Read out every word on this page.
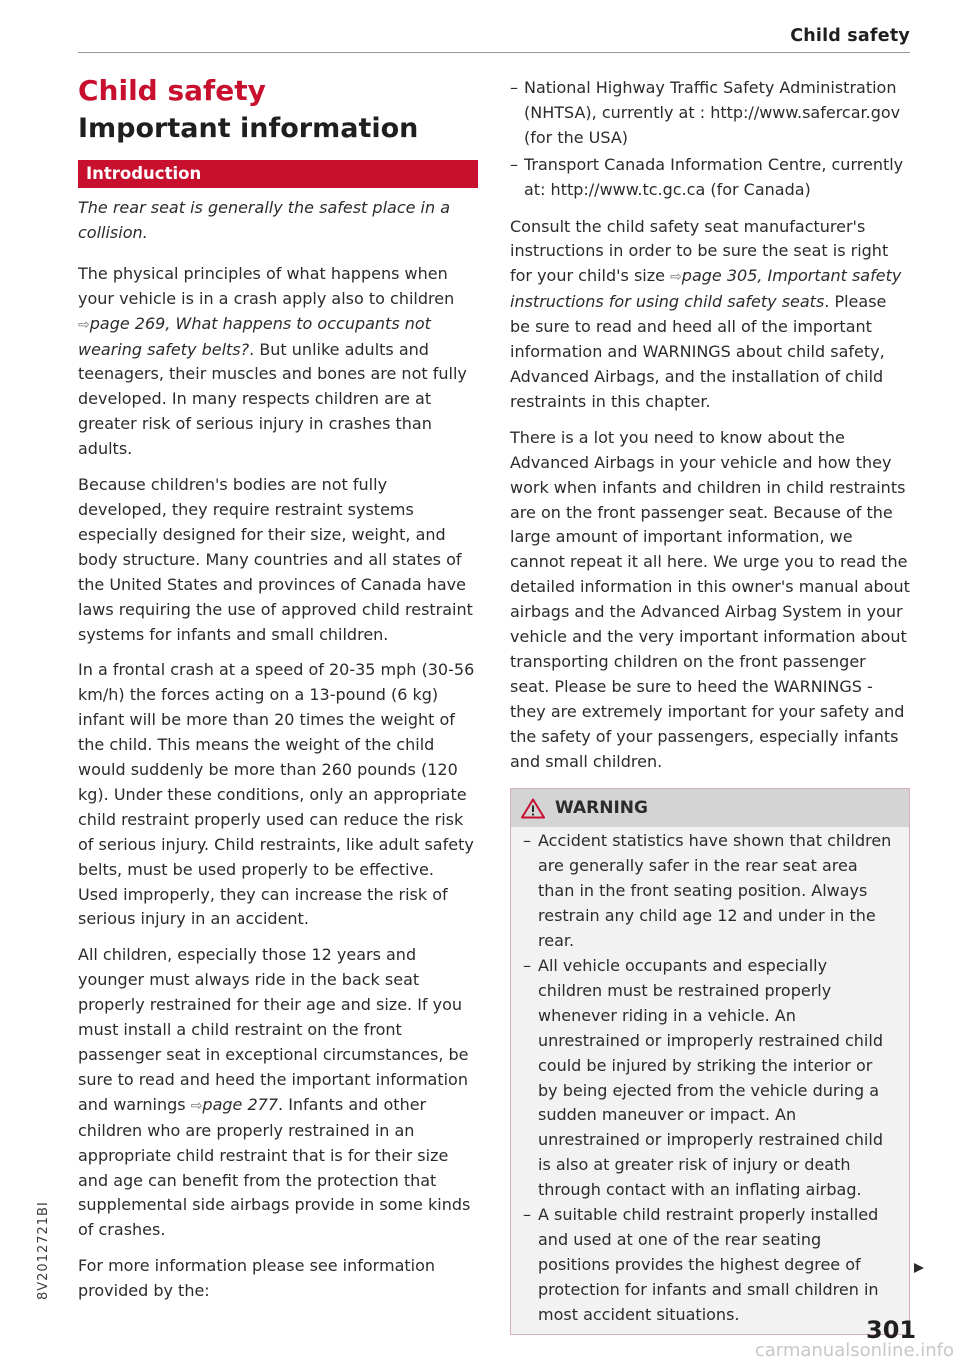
Child safety
8V2012721BI
Child safety
Important information
Introduction

The rear seat is generally the safest place in a collision.

The physical principles of what happens when your vehicle is in a crash apply also to children ⇨page 269, What happens to occupants not wearing safety belts?. But unlike adults and teenagers, their muscles and bones are not fully developed. In many respects children are at greater risk of serious injury in crashes than adults.

Because children's bodies are not fully developed, they require restraint systems especially designed for their size, weight, and body structure. Many countries and all states of the United States and provinces of Canada have laws requiring the use of approved child restraint systems for infants and small children.

In a frontal crash at a speed of 20-35 mph (30-56 km/h) the forces acting on a 13-pound (6 kg) infant will be more than 20 times the weight of the child. This means the weight of the child would suddenly be more than 260 pounds (120 kg). Under these conditions, only an appropriate child restraint properly used can reduce the risk of serious injury. Child restraints, like adult safety belts, must be used properly to be effective. Used improperly, they can increase the risk of serious injury in an accident.

All children, especially those 12 years and younger must always ride in the back seat properly restrained for their age and size. If you must install a child restraint on the front passenger seat in exceptional circumstances, be sure to read and heed the important information and warnings ⇨page 277. Infants and other children who are properly restrained in an appropriate child restraint that is for their size and age can benefit from the protection that supplemental side airbags provide in some kinds of crashes.

For more information please see information provided by the:

– National Highway Traffic Safety Administration (NHTSA), currently at : http://www.safercar.gov (for the USA)
– Transport Canada Information Centre, currently at: http://www.tc.gc.ca (for Canada)

Consult the child safety seat manufacturer's instructions in order to be sure the seat is right for your child's size ⇨page 305, Important safety instructions for using child safety seats. Please be sure to read and heed all of the important information and WARNINGS about child safety, Advanced Airbags, and the installation of child restraints in this chapter.

There is a lot you need to know about the Advanced Airbags in your vehicle and how they work when infants and children in child restraints are on the front passenger seat. Because of the large amount of important information, we cannot repeat it all here. We urge you to read the detailed information in this owner's manual about airbags and the Advanced Airbag System in your vehicle and the very important information about transporting children on the front passenger seat. Please be sure to heed the WARNINGS - they are extremely important for your safety and the safety of your passengers, especially infants and small children.

WARNING
– Accident statistics have shown that children are generally safer in the rear seat area than in the front seating position. Always restrain any child age 12 and under in the rear.
– All vehicle occupants and especially children must be restrained properly whenever riding in a vehicle. An unrestrained or improperly restrained child could be injured by striking the interior or by being ejected from the vehicle during a sudden maneuver or impact. An unrestrained or improperly restrained child is also at greater risk of injury or death through contact with an inflating airbag.
– A suitable child restraint properly installed and used at one of the rear seating positions provides the highest degree of protection for infants and small children in most accident situations.
301
carmanualsonline.info
